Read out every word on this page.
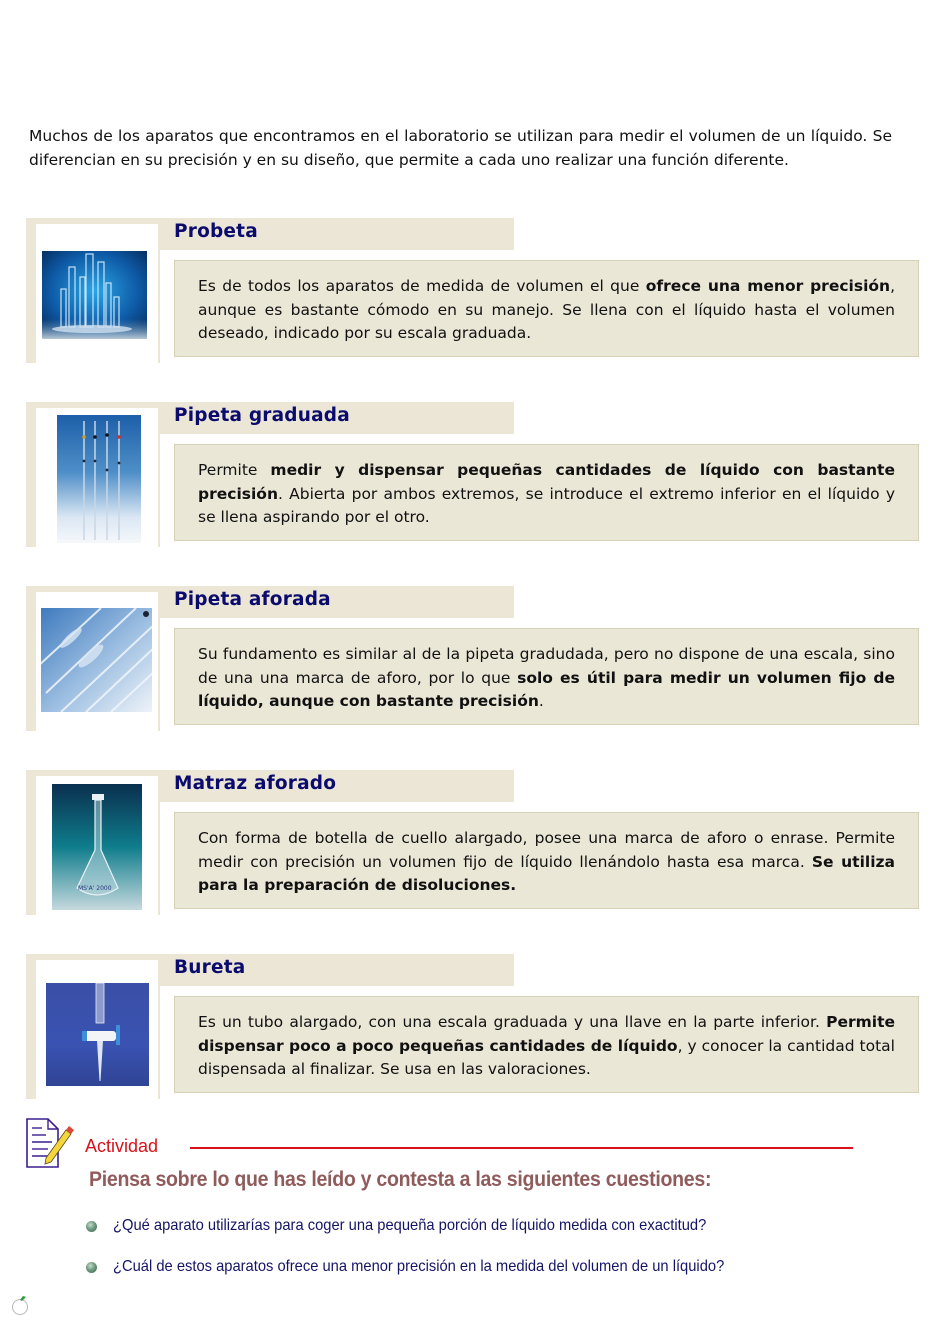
Muchos de los aparatos que encontramos en el laboratorio se utilizan para medir el volumen de un líquido. Se diferencian en su precisión y en su diseño, que permite a cada uno realizar una función diferente.

Probeta
Es de todos los aparatos de medida de volumen el que ofrece una menor precisión, aunque es bastante cómodo en su manejo. Se llena con el líquido hasta el volumen deseado, indicado por su escala graduada.
Pipeta graduada
Permite medir y dispensar pequeñas cantidades de líquido con bastante precisión. Abierta por ambos extremos, se introduce el extremo inferior en el líquido y se llena aspirando por el otro.
Pipeta aforada
Su fundamento es similar al de la pipeta gradudada, pero no dispone de una escala, sino de una una marca de aforo, por lo que solo es útil para medir un volumen fijo de líquido, aunque con bastante precisión.
MS'A' 2000
Matraz aforado
Con forma de botella de cuello alargado, posee una marca de aforo o enrase. Permite medir con precisión un volumen fijo de líquido llenándolo hasta esa marca. Se utiliza para la preparación de disoluciones.
Bureta
Es un tubo alargado, con una escala graduada y una llave en la parte inferior. Permite dispensar poco a poco pequeñas cantidades de líquido, y conocer la cantidad total dispensada al finalizar. Se usa en las valoraciones.
Actividad
Piensa sobre lo que has leído y contesta a las siguientes cuestiones:
¿Qué aparato utilizarías para coger una pequeña porción de líquido medida con exactitud?
¿Cuál de estos aparatos ofrece una menor precisión en la medida del volumen de un líquido?
